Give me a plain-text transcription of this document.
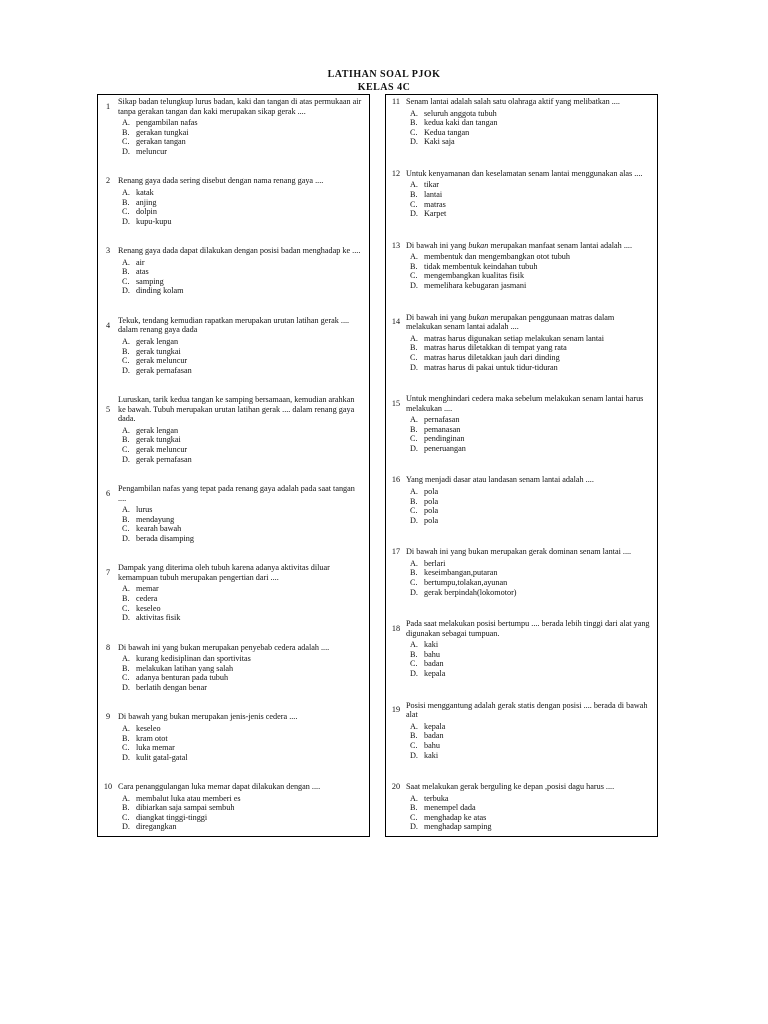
LATIHAN SOAL PJOK
KELAS 4C
1
Sikap badan telungkup lurus badan, kaki dan tangan di atas permukaan air tanpa gerakan tangan dan kaki merupakan sikap gerak ....
A. pengambilan nafas
B. gerakan tungkai
C. gerakan tangan
D. meluncur
2 Renang gaya dada sering disebut dengan nama renang gaya ....
A. katak
B. anjing
C. dolpin
D. kupu-kupu
3 Renang gaya dada dapat dilakukan dengan posisi badan menghadap ke ....
A. air
B. atas
C. samping
D. dinding kolam
4
Tekuk, tendang kemudian rapatkan merupakan urutan latihan gerak .... dalam renang gaya dada
A. gerak lengan
B. gerak tungkai
C. gerak meluncur
D. gerak pernafasan
5
Luruskan, tarik kedua tangan ke samping bersamaan, kemudian arahkan ke bawah. Tubuh merupakan urutan latihan gerak .... dalam renang gaya dada.
A. gerak lengan
B. gerak tungkai
C. gerak meluncur
D. gerak pernafasan
6
Pengambilan nafas yang tepat pada renang gaya adalah pada saat tangan ....
A. lurus
B. mendayung
C. kearah bawah
D. berada disamping
7
Dampak yang diterima oleh tubuh karena adanya aktivitas diluar kemampuan tubuh merupakan pengertian dari ....
A. memar
B. cedera
C. keseleo
D. aktivitas fisik
8 Di bawah ini yang bukan merupakan penyebab cedera adalah ....
A. kurang kedisiplinan dan sportivitas
B. melakukan latihan yang salah
C. adanya benturan pada tubuh
D. berlatih dengan benar
9 Di bawah yang bukan merupakan jenis-jenis cedera ....
A. keseleo
B. kram otot
C. luka memar
D. kulit gatal-gatal
10 Cara penanggulangan luka memar dapat dilakukan dengan ....
A. membalut luka atau memberi es
B. dibiarkan saja sampai sembuh
C. diangkat tinggi-tinggi
D. diregangkan
11 Senam lantai adalah salah satu olahraga aktif yang melibatkan ....
A. seluruh anggota tubuh
B. kedua kaki dan tangan
C. Kedua tangan
D. Kaki saja
12 Untuk kenyamanan dan keselamatan senam lantai menggunakan alas ....
A. tikar
B. lantai
C. matras
D. Karpet
13 Di bawah ini yang bukan merupakan manfaat senam lantai adalah ....
A. membentuk dan mengembangkan otot tubuh
B. tidak membentuk keindahan tubuh
C. mengembangkan kualitas fisik
D. memelihara kebugaran jasmani
14
Di bawah ini yang bukan merupakan penggunaan matras dalam melakukan senam lantai adalah ....
A. matras harus digunakan setiap melakukan senam lantai
B. matras harus diletakkan di tempat yang rata
C. matras harus diletakkan jauh dari dinding
D. matras harus di pakai untuk tidur-tiduran
15
Untuk menghindari cedera maka sebelum melakukan senam lantai harus melakukan ....
A. pernafasan
B. pemanasan
C. pendinginan
D. peneruangan
16 Yang menjadi dasar atau landasan senam lantai adalah ....
A. pola
B. pola
C. pola
D. pola
17 Di bawah ini yang bukan merupakan gerak dominan senam lantai ....
A. berlari
B. keseimbangan,putaran
C. bertumpu,tolakan,ayunan
D. gerak berpindah(lokomotor)
18
Pada saat melakukan posisi bertumpu .... berada lebih tinggi dari alat yang digunakan sebagai tumpuan.
A. kaki
B. bahu
C. badan
D. kepala
19
Posisi menggantung adalah gerak statis dengan posisi .... berada di bawah alat
A. kepala
B. badan
C. bahu
D. kaki
20 Saat melakukan gerak berguling ke depan ,posisi dagu harus ....
A. terbuka
B. menempel dada
C. menghadap ke atas
D. menghadap samping
